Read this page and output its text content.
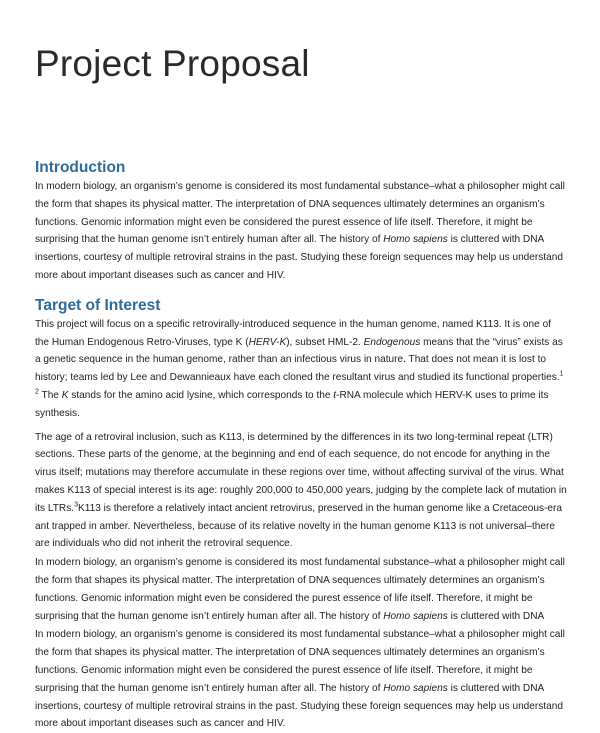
Project Proposal
Introduction

In modern biology, an organism’s genome is considered its most fundamental substance–what a philosopher might call the form that shapes its physical matter. The interpretation of DNA sequences ultimately determines an organism’s functions. Genomic information might even be considered the purest essence of life itself. Therefore, it might be surprising that the human genome isn’t entirely human after all. The history of Homo sapiens is cluttered with DNA insertions, courtesy of multiple retroviral strains in the past. Studying these foreign sequences may help us understand more about important diseases such as cancer and HIV.

Target of Interest

This project will focus on a specific retrovirally-introduced sequence in the human genome, named K113. It is one of the Human Endogenous Retro-Viruses, type K (HERV-K), subset HML-2. Endogenous means that the “virus” exists as a genetic sequence in the human genome, rather than an infectious virus in nature. That does not mean it is lost to history; teams led by Lee and Dewannieaux have each cloned the resultant virus and studied its functional properties.$^{1 2}$ The K stands for the amino acid lysine, which corresponds to the t-RNA molecule which HERV-K uses to prime its synthesis.

The age of a retroviral inclusion, such as K113, is determined by the differences in its two long-terminal repeat (LTR) sections. These parts of the genome, at the beginning and end of each sequence, do not encode for anything in the virus itself; mutations may therefore accumulate in these regions over time, without affecting survival of the virus. What makes K113 of special interest is its age: roughly 200,000 to 450,000 years, judging by the complete lack of mutation in its LTRs.$^3$K113 is therefore a relatively intact ancient retrovirus, preserved in the human genome like a Cretaceous-era ant trapped in amber. Nevertheless, because of its relative novelty in the human genome K113 is not universal–there are individuals who did not inherit the retroviral sequence.

In modern biology, an organism’s genome is considered its most fundamental substance–what a philosopher might call the form that shapes its physical matter. The interpretation of DNA sequences ultimately determines an organism’s functions. Genomic information might even be considered the purest essence of life itself. Therefore, it might be surprising that the human genome isn’t entirely human after all. The history of Homo sapiens is cluttered with DNA

In modern biology, an organism’s genome is considered its most fundamental substance–what a philosopher might call the form that shapes its physical matter. The interpretation of DNA sequences ultimately determines an organism’s functions. Genomic information might even be considered the purest essence of life itself. Therefore, it might be surprising that the human genome isn’t entirely human after all. The history of Homo sapiens is cluttered with DNA insertions, courtesy of multiple retroviral strains in the past. Studying these foreign sequences may help us understand more about important diseases such as cancer and HIV.
